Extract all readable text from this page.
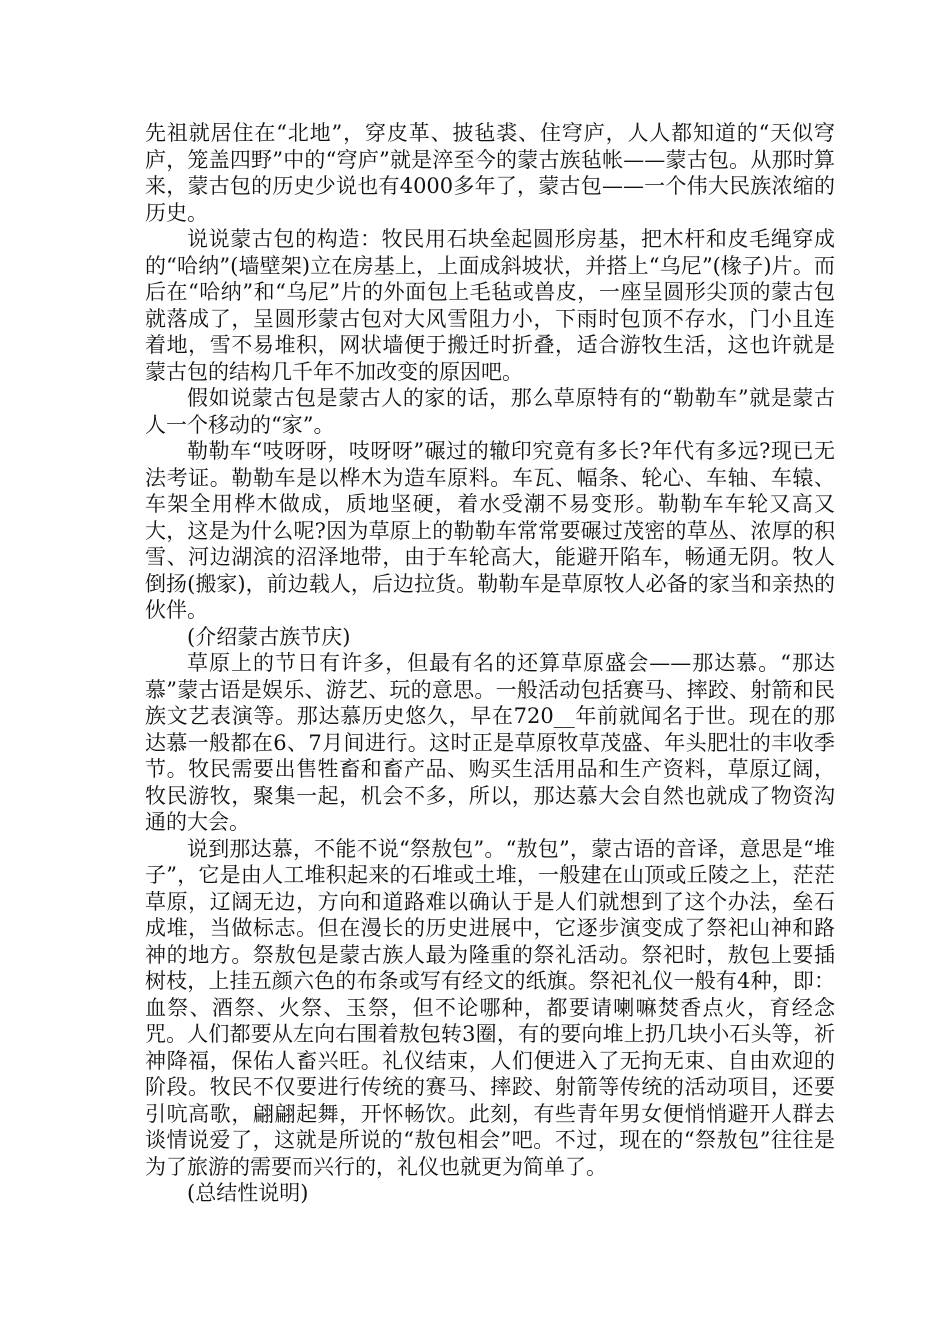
先祖就居住在“北地”，穿皮革、披毡裘、住穹庐，人人都知道的“天似穹庐，笼盖四野”中的“穹庐”就是淬至今的蒙古族毡帐——蒙古包。从那时算来，蒙古包的历史少说也有4000多年了，蒙古包——一个伟大民族浓缩的历史。

说说蒙古包的构造：牧民用石块垒起圆形房基，把木杆和皮毛绳穿成的“哈纳”(墙壁架)立在房基上，上面成斜坡状，并搭上“乌尼”(椽子)片。而后在“哈纳”和“乌尼”片的外面包上毛毡或兽皮，一座呈圆形尖顶的蒙古包就落成了，呈圆形蒙古包对大风雪阻力小，下雨时包顶不存水，门小且连着地，雪不易堆积，网状墙便于搬迁时折叠，适合游牧生活，这也许就是蒙古包的结构几千年不加改变的原因吧。

假如说蒙古包是蒙古人的家的话，那么草原特有的“勒勒车”就是蒙古人一个移动的“家”。

勒勒车“吱呀呀，吱呀呀”碾过的辙印究竟有多长?年代有多远?现已无法考证。勒勒车是以桦木为造车原料。车瓦、幅条、轮心、车轴、车辕、车架全用桦木做成，质地坚硬，着水受潮不易变形。勒勒车车轮又高又大，这是为什么呢?因为草原上的勒勒车常常要碾过茂密的草丛、浓厚的积雪、河边湖滨的沼泽地带，由于车轮高大，能避开陷车，畅通无阴。牧人倒扬(搬家)，前边载人，后边拉货。勒勒车是草原牧人必备的家当和亲热的伙伴。

(介绍蒙古族节庆)

草原上的节日有许多，但最有名的还算草原盛会——那达慕。“那达慕”蒙古语是娱乐、游艺、玩的意思。一般活动包括赛马、摔跤、射箭和民族文艺表演等。那达慕历史悠久，早在720__年前就闻名于世。现在的那达慕一般都在6、7月间进行。这时正是草原牧草茂盛、年头肥壮的丰收季节。牧民需要出售牲畜和畜产品、购买生活用品和生产资料，草原辽阔，牧民游牧，聚集一起，机会不多，所以，那达慕大会自然也就成了物资沟通的大会。

说到那达慕，不能不说“祭敖包”。“敖包”，蒙古语的音译，意思是“堆子”，它是由人工堆积起来的石堆或土堆，一般建在山顶或丘陵之上，茫茫草原，辽阔无边，方向和道路难以确认于是人们就想到了这个办法，垒石成堆，当做标志。但在漫长的历史进展中，它逐步演变成了祭祀山神和路神的地方。祭敖包是蒙古族人最为隆重的祭礼活动。祭祀时，敖包上要插树枝，上挂五颜六色的布条或写有经文的纸旗。祭祀礼仪一般有4种，即：血祭、酒祭、火祭、玉祭，但不论哪种，都要请喇嘛焚香点火，育经念咒。人们都要从左向右围着敖包转3圈，有的要向堆上扔几块小石头等，祈神降福，保佑人畜兴旺。礼仪结束，人们便进入了无拘无束、自由欢迎的阶段。牧民不仅要进行传统的赛马、摔跤、射箭等传统的活动项目，还要引吭高歌，翩翩起舞，开怀畅饮。此刻，有些青年男女便悄悄避开人群去谈情说爱了，这就是所说的“敖包相会”吧。不过，现在的“祭敖包”往往是为了旅游的需要而兴行的，礼仪也就更为简单了。

(总结性说明)
